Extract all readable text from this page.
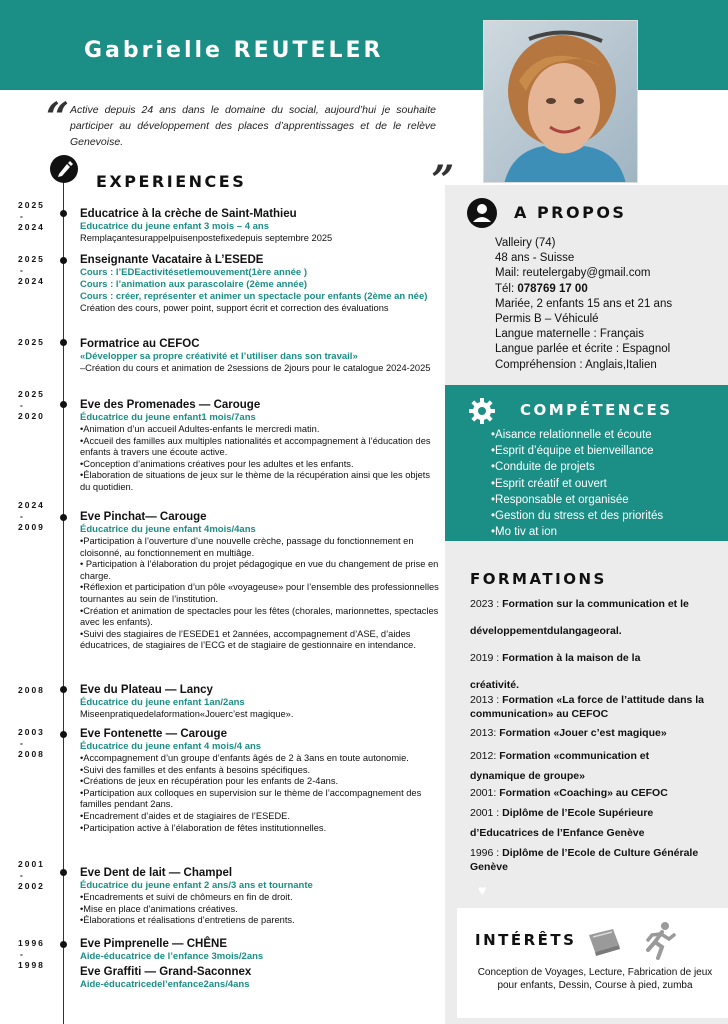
Gabrielle REUTELER
“ Active depuis 24 ans dans le domaine du social, aujourd’hui je souhaite participer au développement des places d’apprentissages et de le relève Genevoise.	„
EXPERIENCES
2025
-
2024
Educatrice à la crèche de Saint-Mathieu
Educatrice du jeune enfant 3 mois – 4 ans
Remplaçantesurappelpuisenpostefixedepuis septembre 2025
2025
-
2024
Enseignante Vacataire à L’ESEDE
Cours : l’EDEactivitésetlemouvement(1ère année )
Cours : l’animation aux parascolaire (2ème année)
Cours : créer, représenter et animer un spectacle pour enfants (2ème an née)
Création des cours, power point, support écrit et correction des évaluations
2025	Formatrice au CEFOC
«Développer sa propre créativité et l’utiliser dans son travail»
–Création du cours et animation de 2sessions de 2jours pour le catalogue 2024-2025
2025
-
2020
Eve des Promenades — Carouge
Éducatrice du jeune enfant1 mois/7ans
•Animation d’un accueil Adultes-enfants le mercredi matin.
•Accueil des familles aux multiples nationalités et accompagnement à l’éducation des enfants à travers une écoute active.
•Conception d’animations créatives pour les adultes et les enfants.
•Élaboration de situations de jeux sur le thème de la récupération ainsi que les objets du quotidien.
2024
-
2009
Eve Pinchat— Carouge
Éducatrice du jeune enfant 4mois/4ans
•Participation à l’ouverture d’une nouvelle crèche, passage du fonctionnement en cloisonné, au fonctionnement en multiâge.
• Participation à l’élaboration du projet pédagogique en vue du changement de prise en charge.
•Réflexion et participation d’un pôle «voyageuse» pour l’ensemble des professionnelles tournantes au sein de l’institution.
•Création et animation de spectacles pour les fêtes (chorales, marionnettes, spectacles avec les enfants).
•Suivi des stagiaires de l’ESEDE1 et 2années, accompagnement d’ASE, d’aides éducatrices, de stagiaires de l’ECG et de stagiaire de gestionnaire en intendance.
2008	Eve du Plateau — Lancy
Éducatrice du jeune enfant 1an/2ans
Miseenpratiquedelaformation«Jouerc’est magique».
2003
-
2008
Eve Fontenette — Carouge
Éducatrice du jeune enfant 4 mois/4 ans
•Accompagnement d’un groupe d’enfants âgés de 2 à 3ans en toute autonomie.
•Suivi des familles et des enfants à besoins spécifiques.
•Créations de jeux en récupération pour les enfants de 2-4ans.
•Participation aux colloques en supervision sur le thème de l’accompagnement des familles pendant 2ans.
•Encadrement d’aides et de stagiaires de l’ESEDE.
•Participation active à l’élaboration de fêtes institutionnelles.
2001
-
2002
Eve Dent de lait — Champel
Éducatrice du jeune enfant 2 ans/3 ans et tournante
•Encadrements et suivi de chômeurs en fin de droit.
•Mise en place d’animations créatives.
•Élaborations et réalisations d’entretiens de parents.
1996
-
1998
Eve Pimprenelle — CHÊNE
Aide-éducatrice de l’enfance 3mois/2ans
Eve Graffiti — Grand-Saconnex
Aide-éducatricedel’enfance2ans/4ans
A PROPOS
Valleiry (74)
48 ans - Suisse
Mail: reutelergaby@gmail.com
Tél: 078769 17 00
Mariée, 2 enfants 15 ans et 21 ans
Permis B – Véhiculé
Langue maternelle : Français
Langue parlée et écrite : Espagnol
Compréhension : Anglais,Italien
COMPÉTENCES
•Aisance relationnelle et écoute
•Esprit d’équipe et bienveillance
•Conduite de projets
•Esprit créatif et ouvert
•Responsable et organisée
•Gestion du stress et des priorités
•Mo tiv at ion
FORMATIONS
2023 : Formation sur la communication et le
développementdulangageoral.
2019 : Formation à la maison de la
créativité.
2013 : Formation «La force de l’attitude dans la communication» au CEFOC
2013: Formation «Jouer c’est magique»
2012: Formation «communication et
dynamique de groupe»
2001: Formation «Coaching» au CEFOC
2001 : Diplôme de l’Ecole Supérieure
d’Educatrices de l’Enfance Genève
1996 : Diplôme de l’Ecole de Culture Générale Genève
♥
INTÉRÊTS
Conception de Voyages, Lecture, Fabrication de jeux pour enfants, Dessin, Course à pied, zumba
